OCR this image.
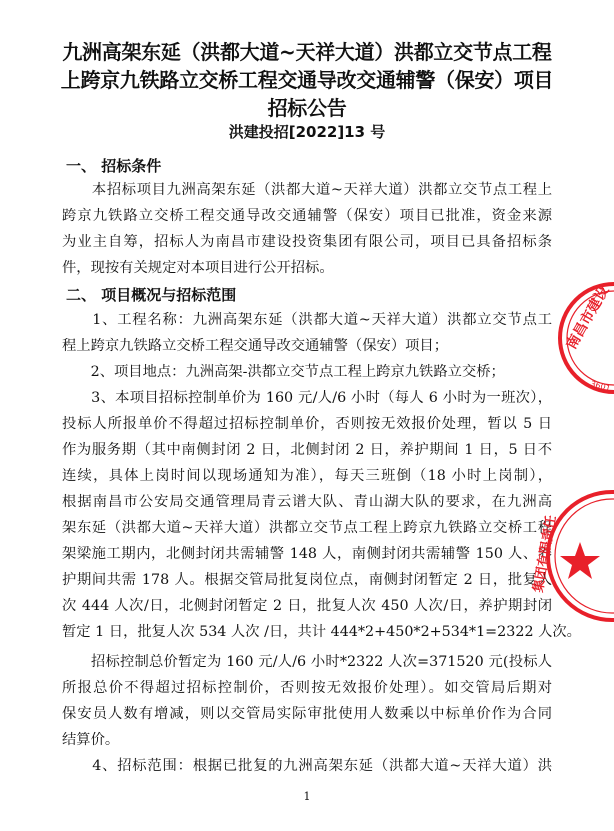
九洲高架东延（洪都大道~天祥大道）洪都立交节点工程
上跨京九铁路立交桥工程交通导改交通辅警（保安）项目
招标公告
洪建投招[2022]13 号
一、 招标条件
　　本招标项目九洲高架东延（洪都大道~天祥大道）洪都立交节点工程上
跨京九铁路立交桥工程交通导改交通辅警（保安）项目已批准，资金来源
为业主自筹，招标人为南昌市建设投资集团有限公司，项目已具备招标条
件，现按有关规定对本项目进行公开招标。
二、 项目概况与招标范围
　　1、工程名称：九洲高架东延（洪都大道~天祥大道）洪都立交节点工
程上跨京九铁路立交桥工程交通导改交通辅警（保安）项目；
　　2、项目地点：九洲高架-洪都立交节点工程上跨京九铁路立交桥；
　　3、本项目招标控制单价为 160 元/人/6 小时（每人 6 小时为一班次），
投标人所报单价不得超过招标控制单价，否则按无效报价处理，暂以 5 日
作为服务期（其中南侧封闭 2 日，北侧封闭 2 日，养护期间 1 日，5 日不
连续，具体上岗时间以现场通知为准），每天三班倒（18 小时上岗制），
根据南昌市公安局交通管理局青云谱大队、青山湖大队的要求，在九洲高
架东延（洪都大道~天祥大道）洪都立交节点工程上跨京九铁路立交桥工程
架梁施工期内，北侧封闭共需辅警 148 人，南侧封闭共需辅警 150 人、养
护期间共需 178 人。根据交管局批复岗位点，南侧封闭暂定 2 日，批复人
次 444 人次/日，北侧封闭暂定 2 日，批复人次 450 人次/日，养护期封闭
暂定 1 日，批复人次 534 人次 /日，共计 444*2+450*2+534*1=2322 人次。
　　招标控制总价暂定为 160 元/人/6 小时*2322 人次=371520 元(投标人
所报总价不得超过招标控制价，否则按无效报价处理）。如交管局后期对
保安员人数有增减，则以交管局实际审批使用人数乘以中标单价作为合同
结算价。
　　4、招标范围：根据已批复的九洲高架东延（洪都大道~天祥大道）洪
1
南昌市建设
3601
集团有限责任
